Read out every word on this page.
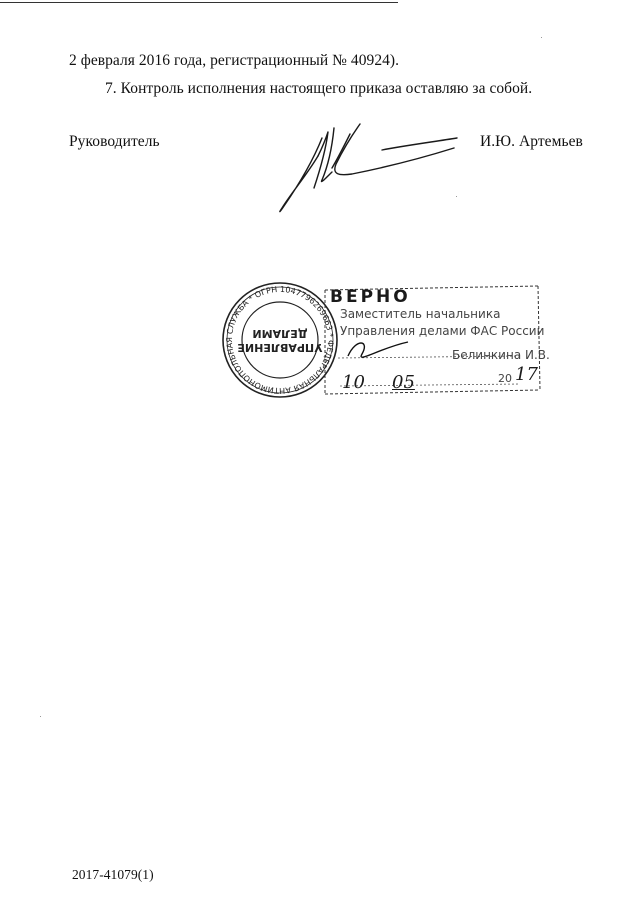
2 февраля 2016 года, регистрационный № 40924).
7. Контроль исполнения настоящего приказа оставляю за собой.
Руководитель	И.Ю. Артемьев
ФЕДЕРАЛЬНАЯ АНТИМОНОПОЛЬНАЯ СЛУЖБА * ОГРН 1047796269663 *
УПРАВЛЕНИЕ
ДЕЛАМИ
ВЕРНО
Заместитель начальника
Управления делами ФАС России
Белинкина И.В.
10 05	20 17
2017-41079(1)
